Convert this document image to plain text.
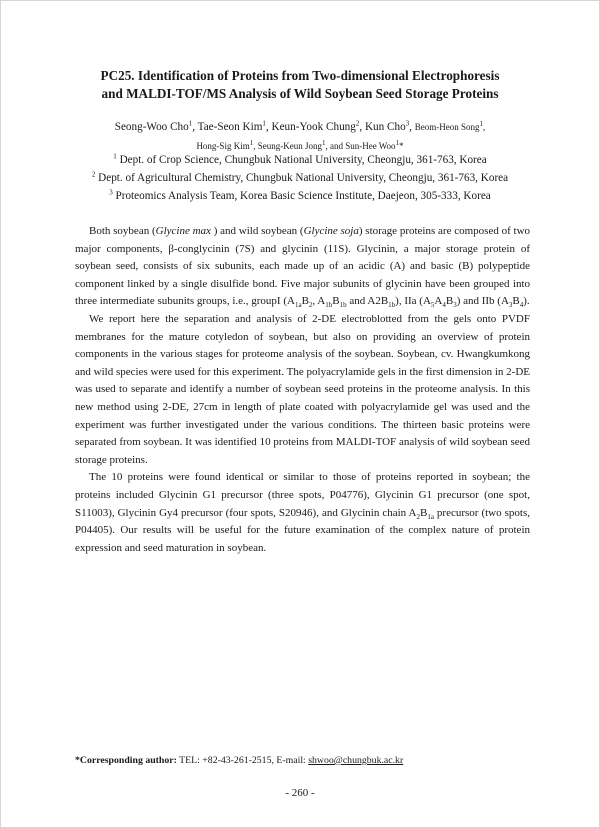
PC25. Identification of Proteins from Two-dimensional Electrophoresis
and MALDI-TOF/MS Analysis of Wild Soybean Seed Storage Proteins
Seong-Woo Cho$^1$, Tae-Seon Kim$^1$, Keun-Yook Chung$^2$, Kun Cho$^3$, Beom-Heon Song$^1$,
Hong-Sig Kim$^1$, Seung-Keun Jong$^1$, and Sun-Hee Woo$^1$*
$^1$ Dept. of Crop Science, Chungbuk National University, Cheongju, 361-763, Korea
$^2$ Dept. of Agricultural Chemistry, Chungbuk National University, Cheongju, 361-763, Korea
$^3$ Proteomics Analysis Team, Korea Basic Science Institute, Daejeon, 305-333, Korea

Both soybean (Glycine max ) and wild soybean (Glycine soja) storage proteins are composed of two major components, β-conglycinin (7S) and glycinin (11S). Glycinin, a major storage protein of soybean seed, consists of six subunits, each made up of an acidic (A) and basic (B) polypeptide component linked by a single disulfide bond. Five major subunits of glycinin have been grouped into three intermediate subunits groups, i.e., groupI ($A_{1a}B_2$, $A_{1b}B_{1b}$ and $A2B_{1b}$), IIa $(A_5A_4B_3)$ and IIb $(A_3B_4)$.

We report here the separation and analysis of 2-DE electroblotted from the gels onto PVDF membranes for the mature cotyledon of soybean, but also on providing an overview of protein components in the various stages for proteome analysis of the soybean. Soybean, cv. Hwangkumkong and wild species were used for this experiment. The polyacrylamide gels in the first dimension in 2-DE was used to separate and identify a number of soybean seed proteins in the proteome analysis. In this new method using 2-DE, 27cm in length of plate coated with polyacrylamide gel was used and the experiment was further investigated under the various conditions. The thirteen basic proteins were separated from soybean. It was identified 10 proteins from MALDI-TOF analysis of wild soybean seed storage proteins.

The 10 proteins were found identical or similar to those of proteins reported in soybean; the proteins included Glycinin G1 precursor (three spots, P04776), Glycinin G1 precursor (one spot, S11003), Glycinin Gy4 precursor (four spots, S20946), and Glycinin chain $A_2B_{1a}$ precursor (two spots, P04405). Our results will be useful for the future examination of the complex nature of protein expression and seed maturation in soybean.

*Corresponding author: TEL: +82-43-261-2515, E-mail: shwoo@chungbuk.ac.kr
- 260 -
